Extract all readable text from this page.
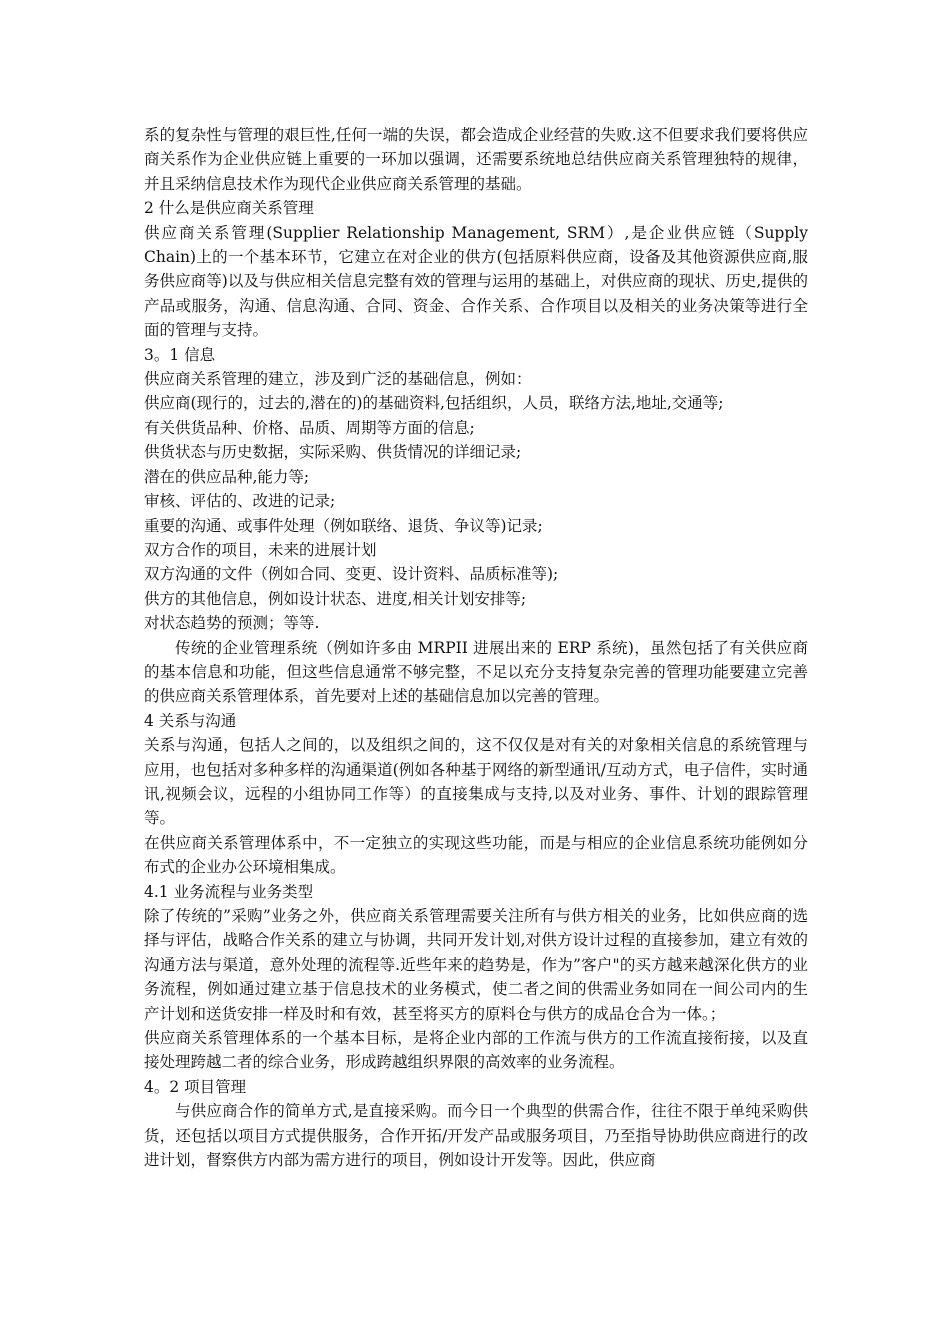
系的复杂性与管理的艰巨性,任何一端的失误，都会造成企业经营的失败.这不但要求我们要将供应商关系作为企业供应链上重要的一环加以强调，还需要系统地总结供应商关系管理独特的规律，并且采纳信息技术作为现代企业供应商关系管理的基础。

2 什么是供应商关系管理

供应商关系管理(Supplier Relationship Management, SRM）,是企业供应链（Supply Chain)上的一个基本环节，它建立在对企业的供方(包括原料供应商，设备及其他资源供应商,服务供应商等)以及与供应相关信息完整有效的管理与运用的基础上，对供应商的现状、历史,提供的产品或服务，沟通、信息沟通、合同、资金、合作关系、合作项目以及相关的业务决策等进行全面的管理与支持。

3。1 信息

供应商关系管理的建立，涉及到广泛的基础信息，例如：

供应商(现行的，过去的,潜在的)的基础资料,包括组织，人员，联络方法,地址,交通等;

有关供货品种、价格、品质、周期等方面的信息;

供货状态与历史数据，实际采购、供货情况的详细记录;

潜在的供应品种,能力等;

审核、评估的、改进的记录;

重要的沟通、或事件处理（例如联络、退货、争议等)记录;

双方合作的项目，未来的进展计划

双方沟通的文件（例如合同、变更、设计资料、品质标准等);

供方的其他信息，例如设计状态、进度,相关计划安排等;

对状态趋势的预测；等等.

传统的企业管理系统（例如许多由 MRPII 进展出来的 ERP 系统)，虽然包括了有关供应商的基本信息和功能，但这些信息通常不够完整，不足以充分支持复杂完善的管理功能要建立完善的供应商关系管理体系，首先要对上述的基础信息加以完善的管理。

4 关系与沟通

关系与沟通，包括人之间的，以及组织之间的，这不仅仅是对有关的对象相关信息的系统管理与应用，也包括对多种多样的沟通渠道(例如各种基于网络的新型通讯/互动方式，电子信件，实时通讯,视频会议，远程的小组协同工作等）的直接集成与支持,以及对业务、事件、计划的跟踪管理等。

在供应商关系管理体系中，不一定独立的实现这些功能，而是与相应的企业信息系统功能例如分布式的企业办公环境相集成。

4.1 业务流程与业务类型

除了传统的”采购”业务之外，供应商关系管理需要关注所有与供方相关的业务，比如供应商的选择与评估，战略合作关系的建立与协调，共同开发计划,对供方设计过程的直接参加，建立有效的沟通方法与渠道，意外处理的流程等.近些年来的趋势是，作为”客户"的买方越来越深化供方的业务流程，例如通过建立基于信息技术的业务模式，使二者之间的供需业务如同在一间公司内的生产计划和送货安排一样及时和有效，甚至将买方的原料仓与供方的成品仓合为一体。；

供应商关系管理体系的一个基本目标，是将企业内部的工作流与供方的工作流直接衔接，以及直接处理跨越二者的综合业务，形成跨越组织界限的高效率的业务流程。

4。2 项目管理

与供应商合作的简单方式,是直接采购。而今日一个典型的供需合作，往往不限于单纯采购供货，还包括以项目方式提供服务，合作开拓/开发产品或服务项目，乃至指导协助供应商进行的改进计划，督察供方内部为需方进行的项目，例如设计开发等。因此，供应商
